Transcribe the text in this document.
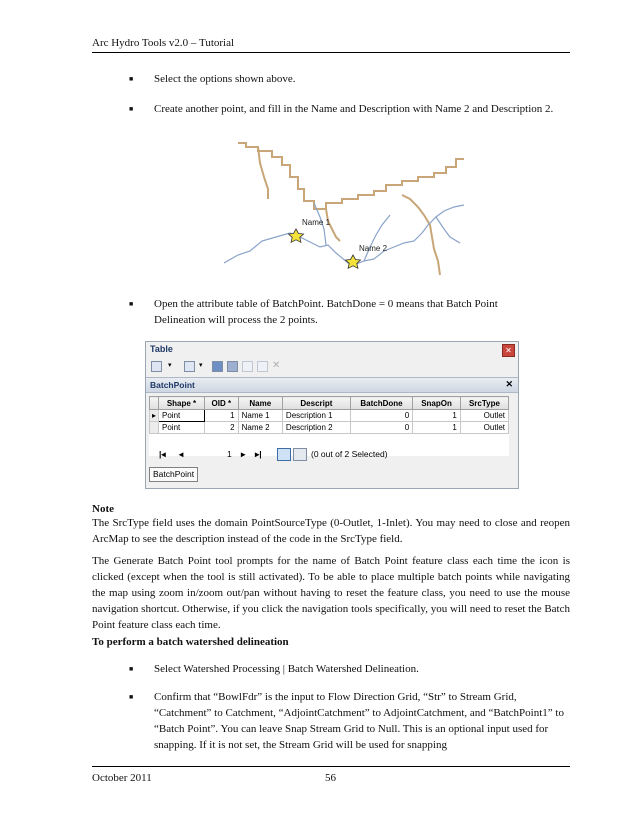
Arc Hydro Tools v2.0 – Tutorial
■ Select the options shown above.
■ Create another point, and fill in the Name and Description with Name 2 and Description 2.
Name 1
Name 2
■ Open the attribute table of BatchPoint. BatchDone = 0 means that Batch Point Delineation will process the 2 points.
Table	✕
▾	▾	✕
BatchPoint	✕
	Shape *	OID *	Name	Descript	BatchDone	SnapOn	SrcType
▸	Point	1	Name 1	Description 1	0	1	Outlet
	Point	2	Name 2	Description 2	0	1	Outlet

|◂ ◂	1 ▸ ▸|	(0 out of 2 Selected)
BatchPoint
Note
The SrcType field uses the domain PointSourceType (0-Outlet, 1-Inlet). You may need to close and reopen ArcMap to see the description instead of the code in the SrcType field.
The Generate Batch Point tool prompts for the name of Batch Point feature class each time the icon is clicked (except when the tool is still activated). To be able to place multiple batch points while navigating the map using zoom in/zoom out/pan without having to reset the feature class, you need to use the mouse navigation shortcut. Otherwise, if you click the navigation tools specifically, you will need to reset the Batch Point feature class each time.
To perform a batch watershed delineation
■ Select Watershed Processing | Batch Watershed Delineation.
■ Confirm that “BowlFdr” is the input to Flow Direction Grid, “Str” to Stream Grid, “Catchment” to Catchment, “AdjointCatchment” to AdjointCatchment, and “BatchPoint1” to “Batch Point”. You can leave Snap Stream Grid to Null. This is an optional input used for snapping. If it is not set, the Stream Grid will be used for snapping
October 2011	56
